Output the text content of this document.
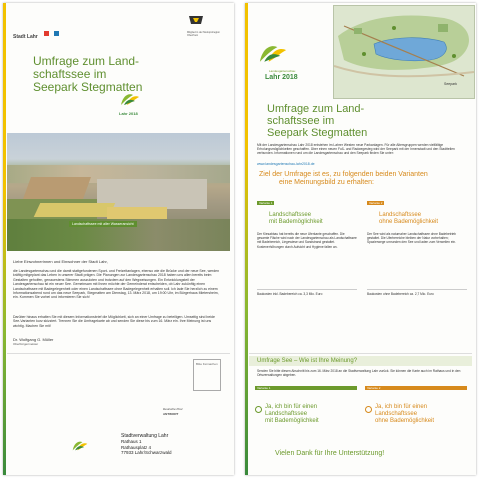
Stadt Lahr
Mitglied in der Metropolregion Oberrhein
Umfrage zum Land-
schaftssee im
Seepark Stegmatten
Lahr 2018
Landschaftssee mit aller Wasseransicht
Liebe Einwohnerinnen und Einwohner der Stadt Lahr,
die Landesgartenschau und die damit stattgefundenen Sport- und Freizeitanlagen, ebenso wie die Brücke und der neue See, werden kräftig mitgeplant das Leben in unserer Stadt prägen. Die Planungen zur Landesgartenschau 2018 haben uns allen bereits beim Gestalten geholfen, genauestens Stimmen auszuloten und trotzdem auf den Wegweisungen. Ein Entwicklungsteil der Landesgartenschau ist ein neuer See. Gemeinsam mit Ihnen möchte der Gemeinderat entscheiden, ob Lahr zukünftig einen Landschaftssee mit Badegelegenheit oder einen Landschaftssee ohne Badegelegenheit erhalten soll. Ich lade Sie herzlich zu einem Informationsabend rund um das neue Seepark, Stegmatten am Dienstag, 13. März 2018, um 19:00 Uhr, im Bürgerhaus Mietersheim, ein. Kommen Sie vorbei und informieren Sie sich!
Darüber hinaus erhalten Sie mit diesem Informationsbrief die Möglichkeit, sich an einer Umfrage zu beteiligen. Umseitig sind beide See-Varianten kurz skizziert. Trennen Sie die Umfragekarte ab und senden Sie diese bis zum 16. März ein. Ihre Meinung ist uns wichtig. Machen Sie mit!
Dr. Wolfgang G. Müller
Oberbürgermeister
Bitte freimachen
Deutsche Post
ANTWORT
Stadtverwaltung Lahr
Rathaus 1
Rathausplatz 4
77933 Lahr/Schwarzwald
Landesgartenschau
Lahr 2018
Seepark
Umfrage zum Land-
schaftssee im
Seepark Stegmatten
Mit der Landesgartenschau Lahr 2018 entstehen im Lahrer Westen neue Parkanlagen. Für alle Altersgruppen werden vielfältige Erholungsmöglichkeiten geschaffen. Über einen neuen Fuß- und Radwegesteg wird der Seepark mit der Innenstadt und den Stadtteilen verbunden. Informationen rund um die Landesgartenschau und den Seepark finden Sie unter:
www.landesgartenschau-lahr2018.de
Ziel der Umfrage ist es, zu folgenden beiden Varianten
eine Meinungsbild zu erhalten:
Variante 1
Landschaftssee
mit Bademöglichkeit
Der Kiesabbau hat bereits die neue Uferkante geschaffen. Die gesamte Fläche wird nach der Landesgartenschau als Landschaftssee mit Badebereich, Liegewiese und Sandstrand gestaltet. Kostenerhöhungen durch Aufsicht und Hygiene fallen an.
Baukosten inkl. Badebereich ca. 3,3 Mio. Euro
Variante 2
Landschaftssee
ohne Bademöglichkeit
Der See wird als naturnaher Landschaftssee ohne Badebetrieb gestaltet. Die Uferbereiche bleiben der Natur vorbehalten; Spazierwege umrunden den See und laden zum Verweilen ein.
Baukosten ohne Badebereich ca. 2,7 Mio. Euro
Umfrage See – Wie ist Ihre Meinung?
Senden Sie bitte diesen Abschnitt bis zum 16. März 2018 an die Stadtverwaltung Lahr zurück. Sie können die Karte auch im Rathaus und in den Ortsverwaltungen abgeben.
Variante 1
Ja, ich bin für einen
Landschaftssee
mit Bademöglichkeit
Variante 2
Ja, ich bin für einen
Landschaftssee
ohne Bademöglichkeit
Vielen Dank für Ihre Unterstützung!
